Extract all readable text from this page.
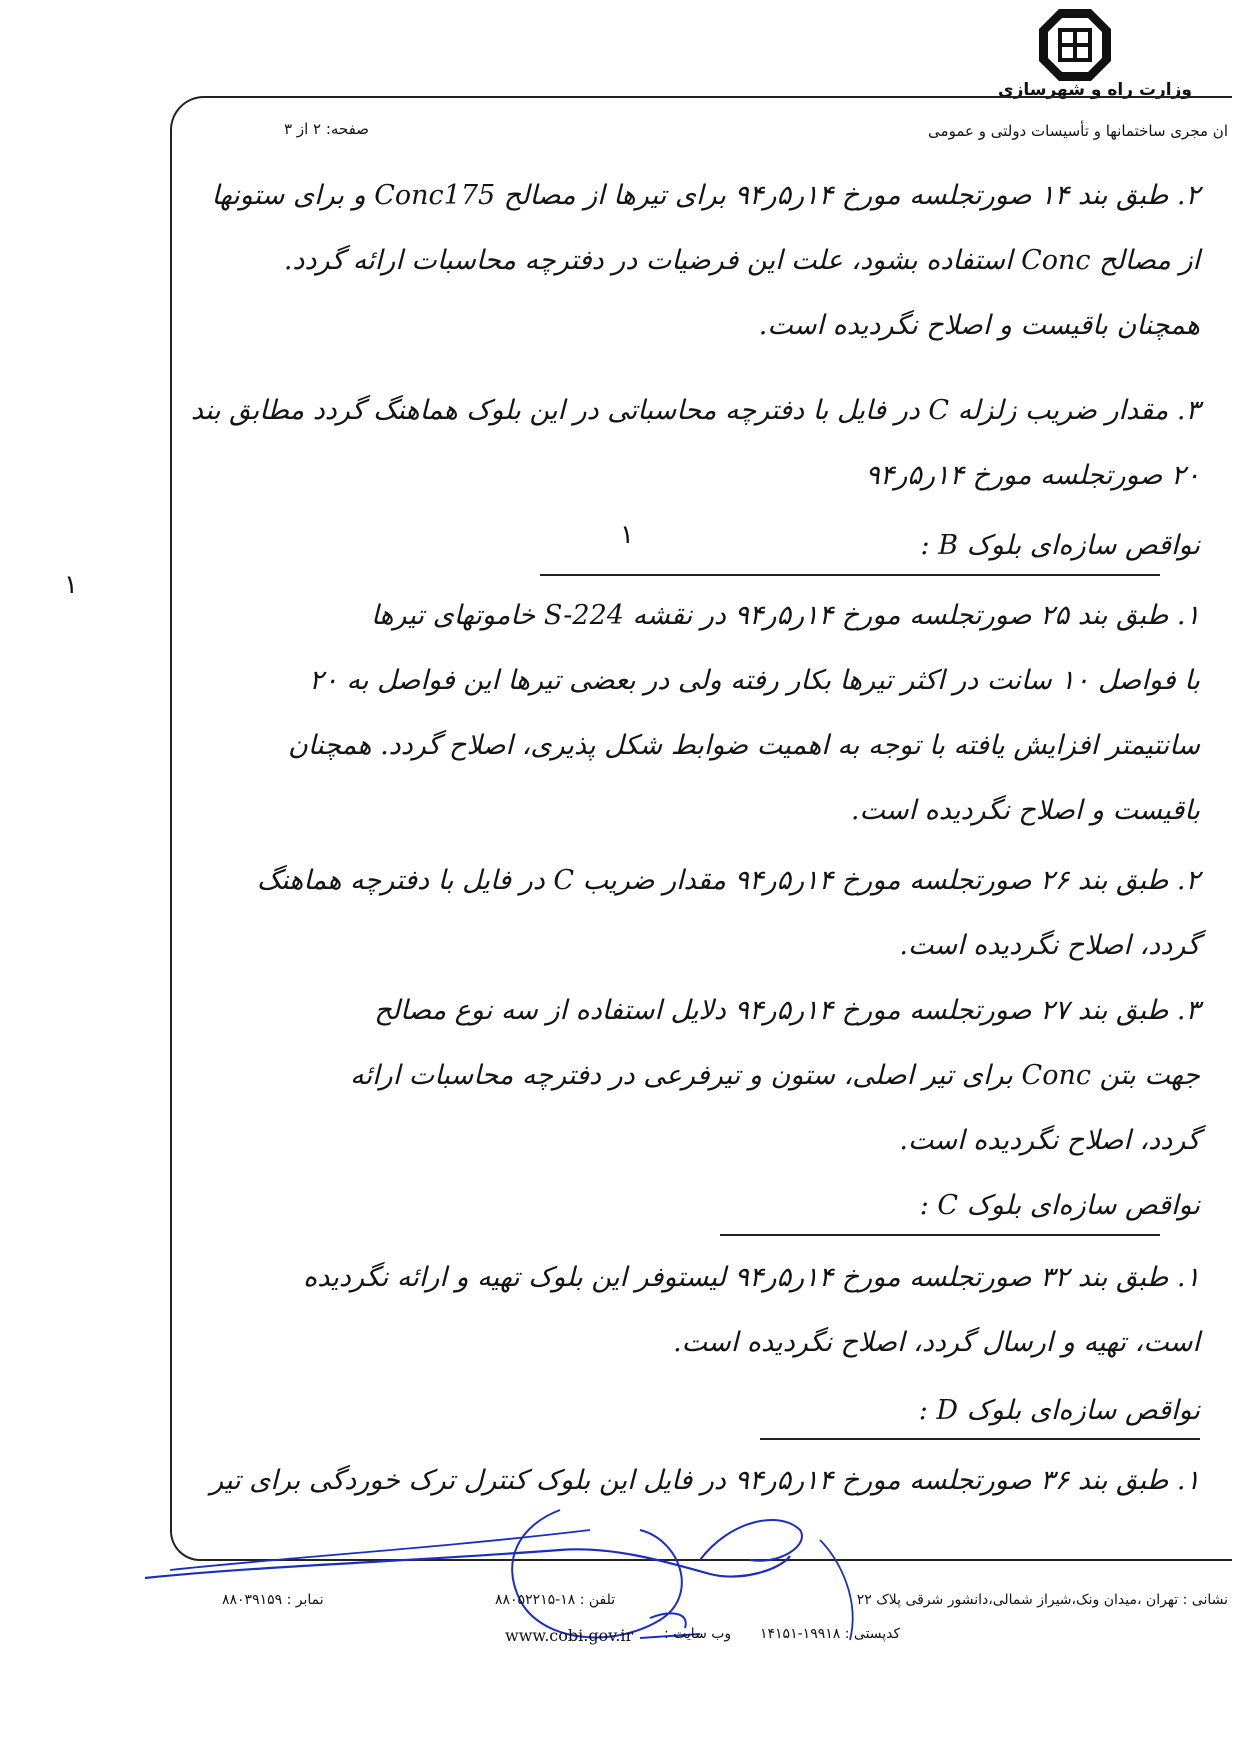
وزارت راه و شهرسازی
ان مجری ساختمانها و تأسیسات دولتی و عمومی
صفحه: ۲ از ۳
۱
۲. طبق بند ۱۴ صورتجلسه مورخ ۱۴ر۵ر۹۴ برای تیرها از مصالح Conc175 و برای ستونها
از مصالح Conc استفاده بشود، علت این فرضیات در دفترچه محاسبات ارائه گردد.
همچنان باقیست و اصلاح نگردیده است.
۳. مقدار ضریب زلزله C در فایل با دفترچه محاسباتی در این بلوک هماهنگ گردد مطابق بند
۲۰ صورتجلسه مورخ ۱۴ر۵ر۹۴
۱	نواقص سازه‌ای بلوک B :
۱. طبق بند ۲۵ صورتجلسه مورخ ۱۴ر۵ر۹۴ در نقشه S-224 خاموتهای تیرها
با فواصل ۱۰ سانت در اکثر تیرها بکار رفته ولی در بعضی تیرها این فواصل به ۲۰
سانتیمتر افزایش یافته با توجه به اهمیت ضوابط شکل پذیری، اصلاح گردد. همچنان
باقیست و اصلاح نگردیده است.
۲. طبق بند ۲۶ صورتجلسه مورخ ۱۴ر۵ر۹۴ مقدار ضریب C در فایل با دفترچه هماهنگ
گردد، اصلاح نگردیده است.
۳. طبق بند ۲۷ صورتجلسه مورخ ۱۴ر۵ر۹۴ دلایل استفاده از سه نوع مصالح
جهت بتن Conc برای تیر اصلی، ستون و تیرفرعی در دفترچه محاسبات ارائه
گردد، اصلاح نگردیده است.
نواقص سازه‌ای بلوک C :
۱. طبق بند ۳۲ صورتجلسه مورخ ۱۴ر۵ر۹۴ لیستوفر این بلوک تهیه و ارائه نگردیده
است، تهیه و ارسال گردد، اصلاح نگردیده است.
نواقص سازه‌ای بلوک D :
۱. طبق بند ۳۶ صورتجلسه مورخ ۱۴ر۵ر۹۴ در فایل این بلوک کنترل ترک خوردگی برای تیر
نشانی : تهران ،میدان ونک،شیراز شمالی،دانشور شرقی پلاک ۲۲
تلفن : ۱۸-۸۸۰۵۲۲۱۵
نمابر : ۸۸۰۳۹۱۵۹
کدپستی : ۱۹۹۱۸-۱۴۱۵۱
وب سایت :
www.cobi.gov.ir
